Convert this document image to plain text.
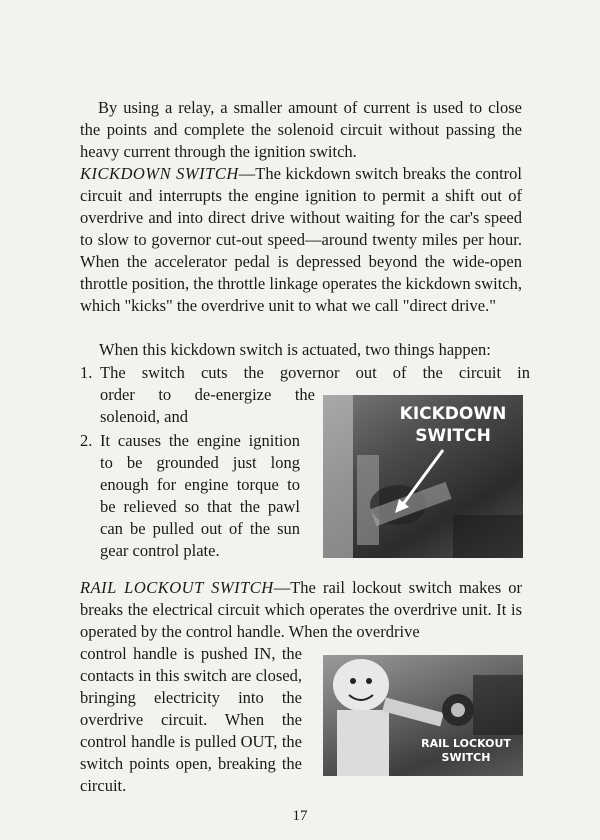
By using a relay, a smaller amount of current is used to close the points and complete the solenoid circuit without passing the heavy current through the ignition switch.

KICKDOWN SWITCH—The kickdown switch breaks the control circuit and interrupts the engine ignition to permit a shift out of overdrive and into direct drive without waiting for the car's speed to slow to governor cut-out speed—around twenty miles per hour. When the accelerator pedal is depressed beyond the wide-open throttle position, the throttle linkage operates the kickdown switch, which "kicks" the overdrive unit to what we call "direct drive."

When this kickdown switch is actuated, two things happen:

1. The switch cuts the governor out of the circuit in
order to de-energize the
solenoid, and
2. It causes the engine ignition to be grounded just long enough for engine torque to be relieved so that the pawl can be pulled out of the sun gear control plate.
KICKDOWN SWITCH

RAIL LOCKOUT SWITCH—The rail lockout switch makes or breaks the electrical circuit which operates the overdrive unit. It is operated by the control handle. When the overdrive

control handle is pushed IN, the contacts in this switch are closed, bringing electricity into the overdrive circuit. When the control handle is pulled OUT, the switch points open, breaking the circuit.

RAIL LOCKOUT SWITCH
17
